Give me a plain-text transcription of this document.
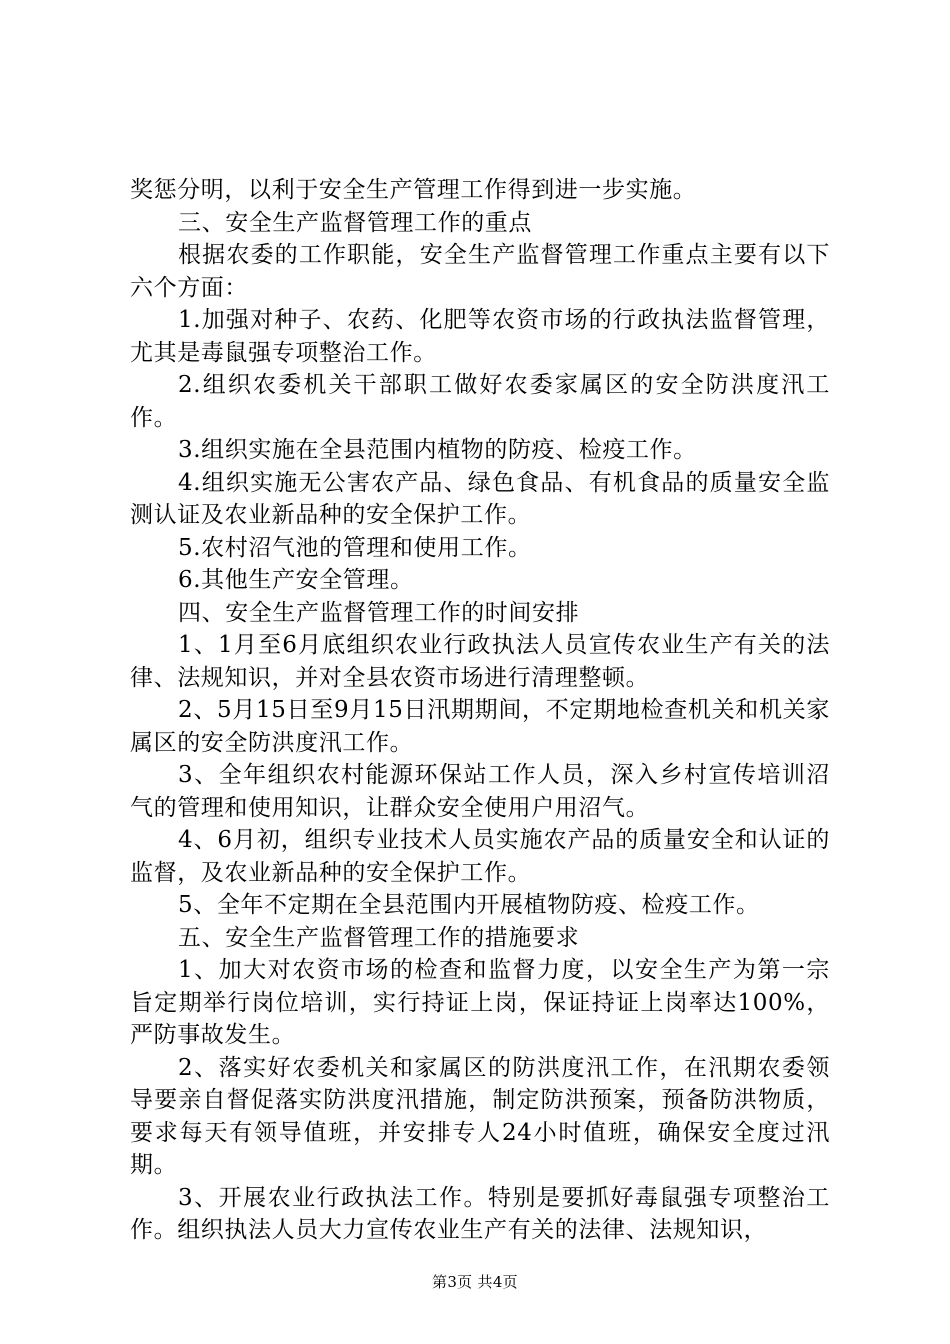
奖惩分明，以利于安全生产管理工作得到进一步实施。

三、安全生产监督管理工作的重点

根据农委的工作职能，安全生产监督管理工作重点主要有以下六个方面：

1.加强对种子、农药、化肥等农资市场的行政执法监督管理，尤其是毒鼠强专项整治工作。

2.组织农委机关干部职工做好农委家属区的安全防洪度汛工作。

3.组织实施在全县范围内植物的防疫、检疫工作。

4.组织实施无公害农产品、绿色食品、有机食品的质量安全监测认证及农业新品种的安全保护工作。

5.农村沼气池的管理和使用工作。

6.其他生产安全管理。

四、安全生产监督管理工作的时间安排

1、1月至6月底组织农业行政执法人员宣传农业生产有关的法律、法规知识，并对全县农资市场进行清理整顿。

2、5月15日至9月15日汛期期间，不定期地检查机关和机关家属区的安全防洪度汛工作。

3、全年组织农村能源环保站工作人员，深入乡村宣传培训沼气的管理和使用知识，让群众安全使用户用沼气。

4、6月初，组织专业技术人员实施农产品的质量安全和认证的监督，及农业新品种的安全保护工作。

5、全年不定期在全县范围内开展植物防疫、检疫工作。

五、安全生产监督管理工作的措施要求

1、加大对农资市场的检查和监督力度，以安全生产为第一宗旨定期举行岗位培训，实行持证上岗，保证持证上岗率达100%，严防事故发生。

2、落实好农委机关和家属区的防洪度汛工作，在汛期农委领导要亲自督促落实防洪度汛措施，制定防洪预案，预备防洪物质，要求每天有领导值班，并安排专人24小时值班，确保安全度过汛期。

3、开展农业行政执法工作。特别是要抓好毒鼠强专项整治工作。组织执法人员大力宣传农业生产有关的法律、法规知识，

第3页 共4页
